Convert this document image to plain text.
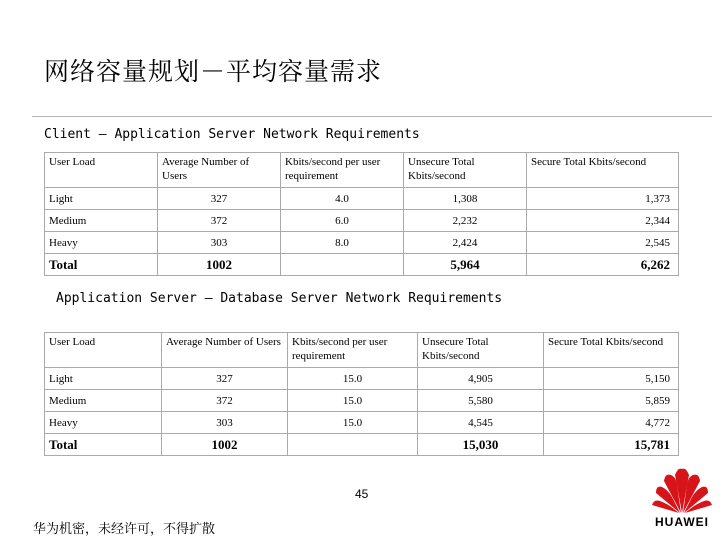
网络容量规划－平均容量需求
Client – Application Server Network Requirements
User Load	Average Number of Users	Kbits/second per user requirement	Unsecure Total Kbits/second	Secure Total Kbits/second
Light	327	4.0	1,308	1,373
Medium	372	6.0	2,232	2,344
Heavy	303	8.0	2,424	2,545
Total	1002		5,964	6,262
Application Server – Database Server Network Requirements
User Load	Average Number of Users	Kbits/second per user requirement	Unsecure Total Kbits/second	Secure Total Kbits/second
Light	327	15.0	4,905	5,150
Medium	372	15.0	5,580	5,859
Heavy	303	15.0	4,545	4,772
Total	1002		15,030	15,781
45
华为机密，未经许可，不得扩散	HUAWEI
